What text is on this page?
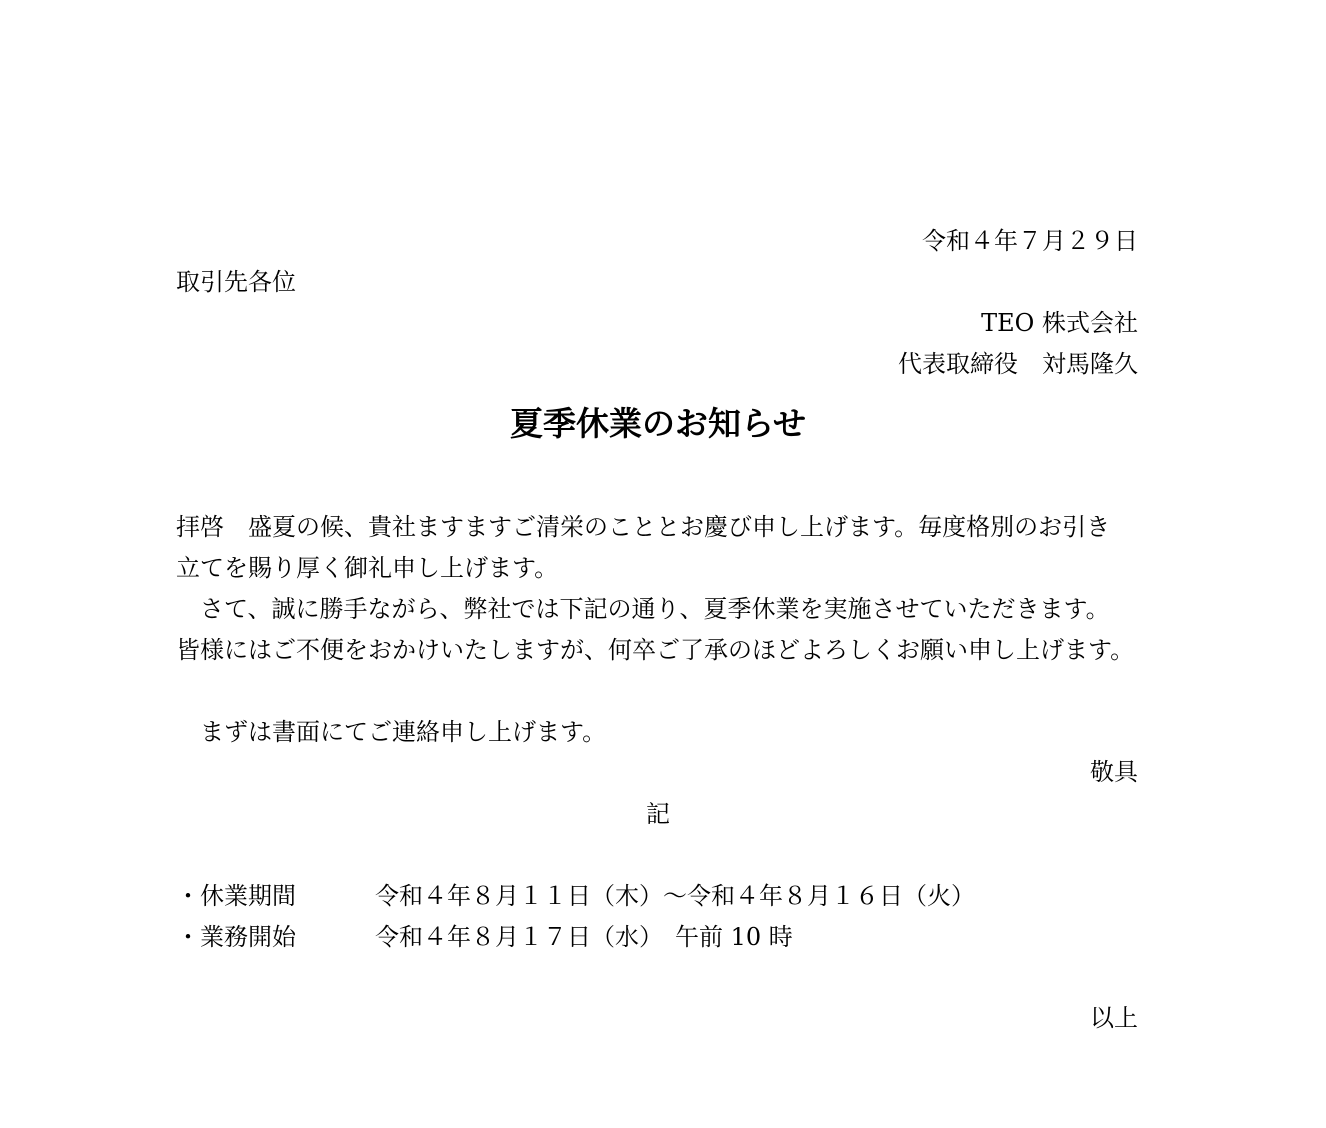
令和４年７月２９日
取引先各位
TEO 株式会社
代表取締役　対馬隆久
夏季休業のお知らせ
拝啓　盛夏の候、貴社ますますご清栄のこととお慶び申し上げます。毎度格別のお引き
立てを賜り厚く御礼申し上げます。
　さて、誠に勝手ながら、弊社では下記の通り、夏季休業を実施させていただきます。
皆様にはご不便をおかけいたしますが、何卒ご了承のほどよろしくお願い申し上げます。
　まずは書面にてご連絡申し上げます。
敬具
記
・休業期間	令和４年８月１１日（木）～令和４年８月１６日（火）
・業務開始	令和４年８月１７日（水）　午前 10 時
以上
